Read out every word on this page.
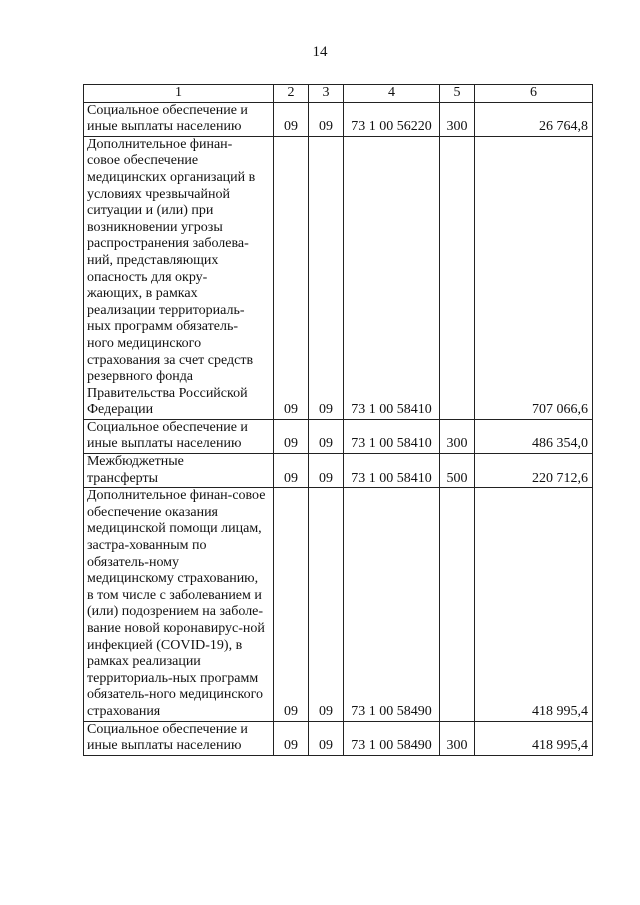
14
1	2	3	4	5	6

Социальное обеспечение и иные выплаты населению	09	09	73 1 00 56220	300	26 764,8

Дополнительное финан-совое обеспечение медицинских организаций в условиях чрезвычайной ситуации и (или) при возникновении угрозы распространения заболева-ний, представляющих опасность для окру-жающих, в рамках реализации территориаль-ных программ обязатель-ного медицинского страхования за счет средств резервного фонда Правительства Российской Федерации	09	09	73 1 00 58410		707 066,6

Социальное обеспечение и иные выплаты населению	09	09	73 1 00 58410	300	486 354,0

Межбюджетные трансферты	09	09	73 1 00 58410	500	220 712,6

Дополнительное финан-совое обеспечение оказания медицинской помощи лицам, застра-хованным по обязатель-ному медицинскому страхованию, в том числе с заболеванием и (или) подозрением на заболе-вание новой коронавирус-ной инфекцией (COVID-19), в рамках реализации территориаль-ных программ обязатель-ного медицинского страхования	09	09	73 1 00 58490		418 995,4

Социальное обеспечение и иные выплаты населению	09	09	73 1 00 58490	300	418 995,4
